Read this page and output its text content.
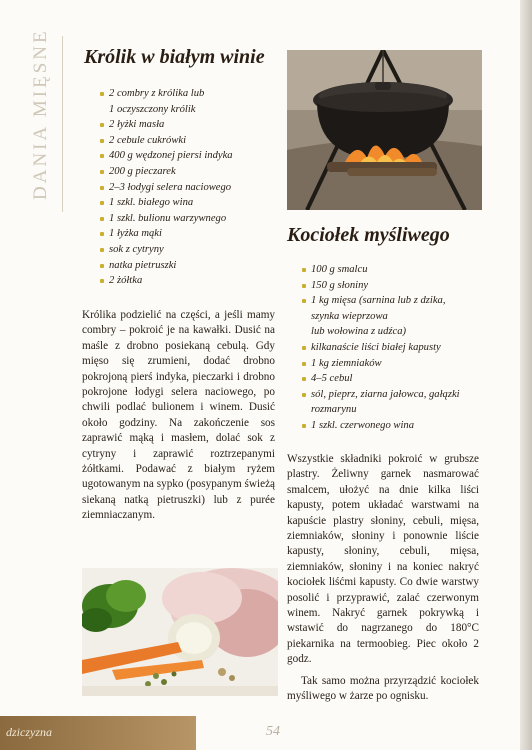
DANIA MIĘSNE Królik w białym winie
2 combry z królika lub
1 oczyszczony królik
2 łyżki masła
2 cebule cukrówki
400 g wędzonej piersi indyka
200 g pieczarek
2–3 łodygi selera naciowego
1 szkl. białego wina
1 szkl. bulionu warzywnego
1 łyżka mąki
sok z cytryny
natka pietruszki
2 żółtka

Królika podzielić na części, a jeśli mamy combry – pokroić je na kawałki. Dusić na maśle z drobno posiekaną cebulą. Gdy mięso się zrumieni, dodać drobno pokrojoną pierś indyka, pieczarki i drobno pokrojone łodygi selera naciowego, po chwili podlać bulionem i winem. Dusić około godziny. Na zakończenie sos zaprawić mąką i masłem, dolać sok z cytryny i zaprawić roztrzepanymi żółtkami. Podawać z białym ryżem ugotowanym na sypko (posypanym świeżą siekaną natką pietruszki) lub z purée ziemniaczanym.

Kociołek myśliwego
100 g smalcu
150 g słoniny
1 kg mięsa (sarnina lub z dzika,
szynka wieprzowa
lub wołowina z udźca)
kilkanaście liści białej kapusty
1 kg ziemniaków
4–5 cebul
sól, pieprz, ziarna jałowca, gałązki
rozmarynu
1 szkl. czerwonego wina

Wszystkie składniki pokroić w grubsze plastry. Żeliwny garnek nasmarować smalcem, ułożyć na dnie kilka liści kapusty, potem układać warstwami na kapuście plastry słoniny, cebuli, mięsa, ziemniaków, słoniny i ponownie liście kapusty, słoniny, cebuli, mięsa, ziemniaków, słoniny i na koniec nakryć kociołek liśćmi kapusty. Co dwie warstwy posolić i przyprawić, zalać czerwonym winem. Nakryć garnek pokrywką i wstawić do nagrzanego do 180°C piekarnika na termoobieg. Piec około 2 godz.

Tak samo można przyrządzić kociołek myśliwego w żarze po ognisku.

dziczyzna	54
